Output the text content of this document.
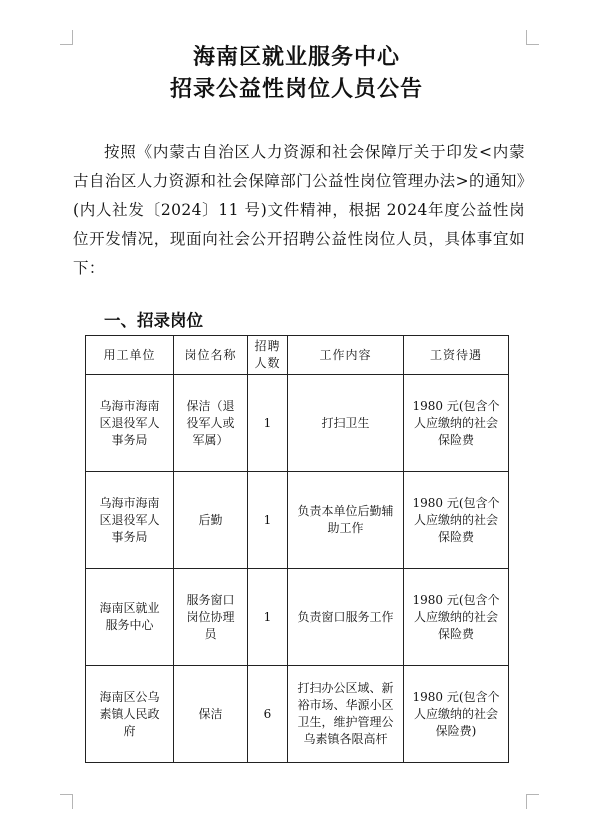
海南区就业服务中心
招录公益性岗位人员公告

按照《内蒙古自治区人力资源和社会保障厅关于印发<内蒙古自治区人力资源和社会保障部门公益性岗位管理办法>的通知》(内人社发〔2024〕11 号)文件精神，根据 2024年度公益性岗位开发情况，现面向社会公开招聘公益性岗位人员，具体事宜如下：

一、招录岗位
用工单位	岗位名称	招聘人数	工作内容	工资待遇
乌海市海南区退役军人事务局	保洁（退役军人或军属）	1	打扫卫生	1980 元(包含个人应缴纳的社会保险费
乌海市海南区退役军人事务局	后勤	1	负责本单位后勤辅助工作	1980 元(包含个人应缴纳的社会保险费
海南区就业服务中心	服务窗口岗位协理员	1	负责窗口服务工作	1980 元(包含个人应缴纳的社会保险费
海南区公乌素镇人民政府	保洁	6	打扫办公区域、新裕市场、华源小区卫生，维护管理公乌素镇各限高杆	1980 元(包含个人应缴纳的社会保险费)
